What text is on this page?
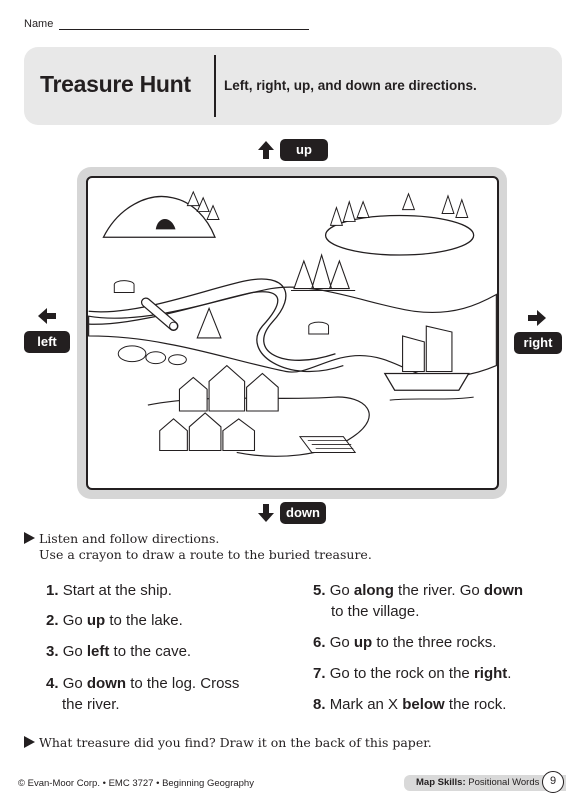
Name
Treasure Hunt Left, right, up, and down are directions.
up
down
left	right
Listen and follow directions.
Use a crayon to draw a route to the buried treasure.
1. Start at the ship.
2. Go up to the lake.
3. Go left to the cave.
4. Go down to the log. Cross
the river.
5. Go along the river. Go down
to the village.
6. Go up to the three rocks.
7. Go to the rock on the right.
8. Mark an X below the rock.
What treasure did you find? Draw it on the back of this paper.
© Evan-Moor Corp. • EMC 3727 • Beginning Geography	Map Skills: Positional Words 9
